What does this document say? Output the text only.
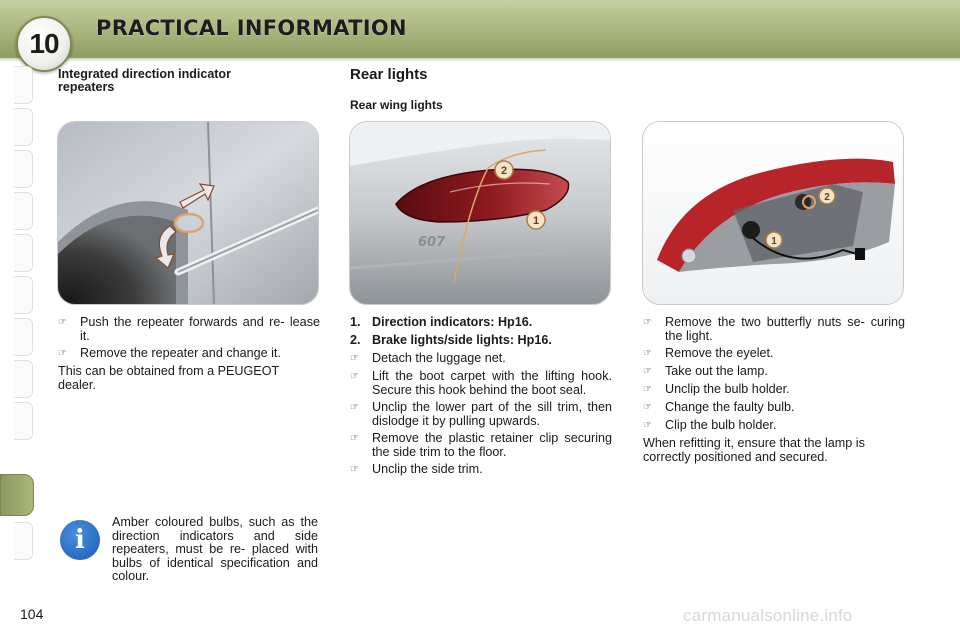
10 PRACTICAL INFORMATION
Integrated direction indicator repeaters
☞	Push the repeater forwards and re- lease it.
☞	Remove the repeater and change it.

This can be obtained from a PEUGEOT dealer.

Rear lights
Rear wing lights
607
2
1
1. Direction indicators: Hp16.
2. Brake lights/side lights: Hp16.
☞	Detach the luggage net.
☞	Lift the boot carpet with the lifting hook. Secure this hook behind the boot seal.
☞	Unclip the lower part of the sill trim, then dislodge it by pulling upwards.
☞	Remove the plastic retainer clip securing the side trim to the floor.
☞	Unclip the side trim.
2
1
☞	Remove the two butterfly nuts se- curing the light.
☞	Remove the eyelet.
☞	Take out the lamp.
☞	Unclip the bulb holder.
☞	Change the faulty bulb.
☞	Clip the bulb holder.

When refitting it, ensure that the lamp is correctly positioned and secured.

i
Amber coloured bulbs, such as the direction indicators and side repeaters, must be re- placed with bulbs of identical specification and colour.
104	carmanualsonline.info
